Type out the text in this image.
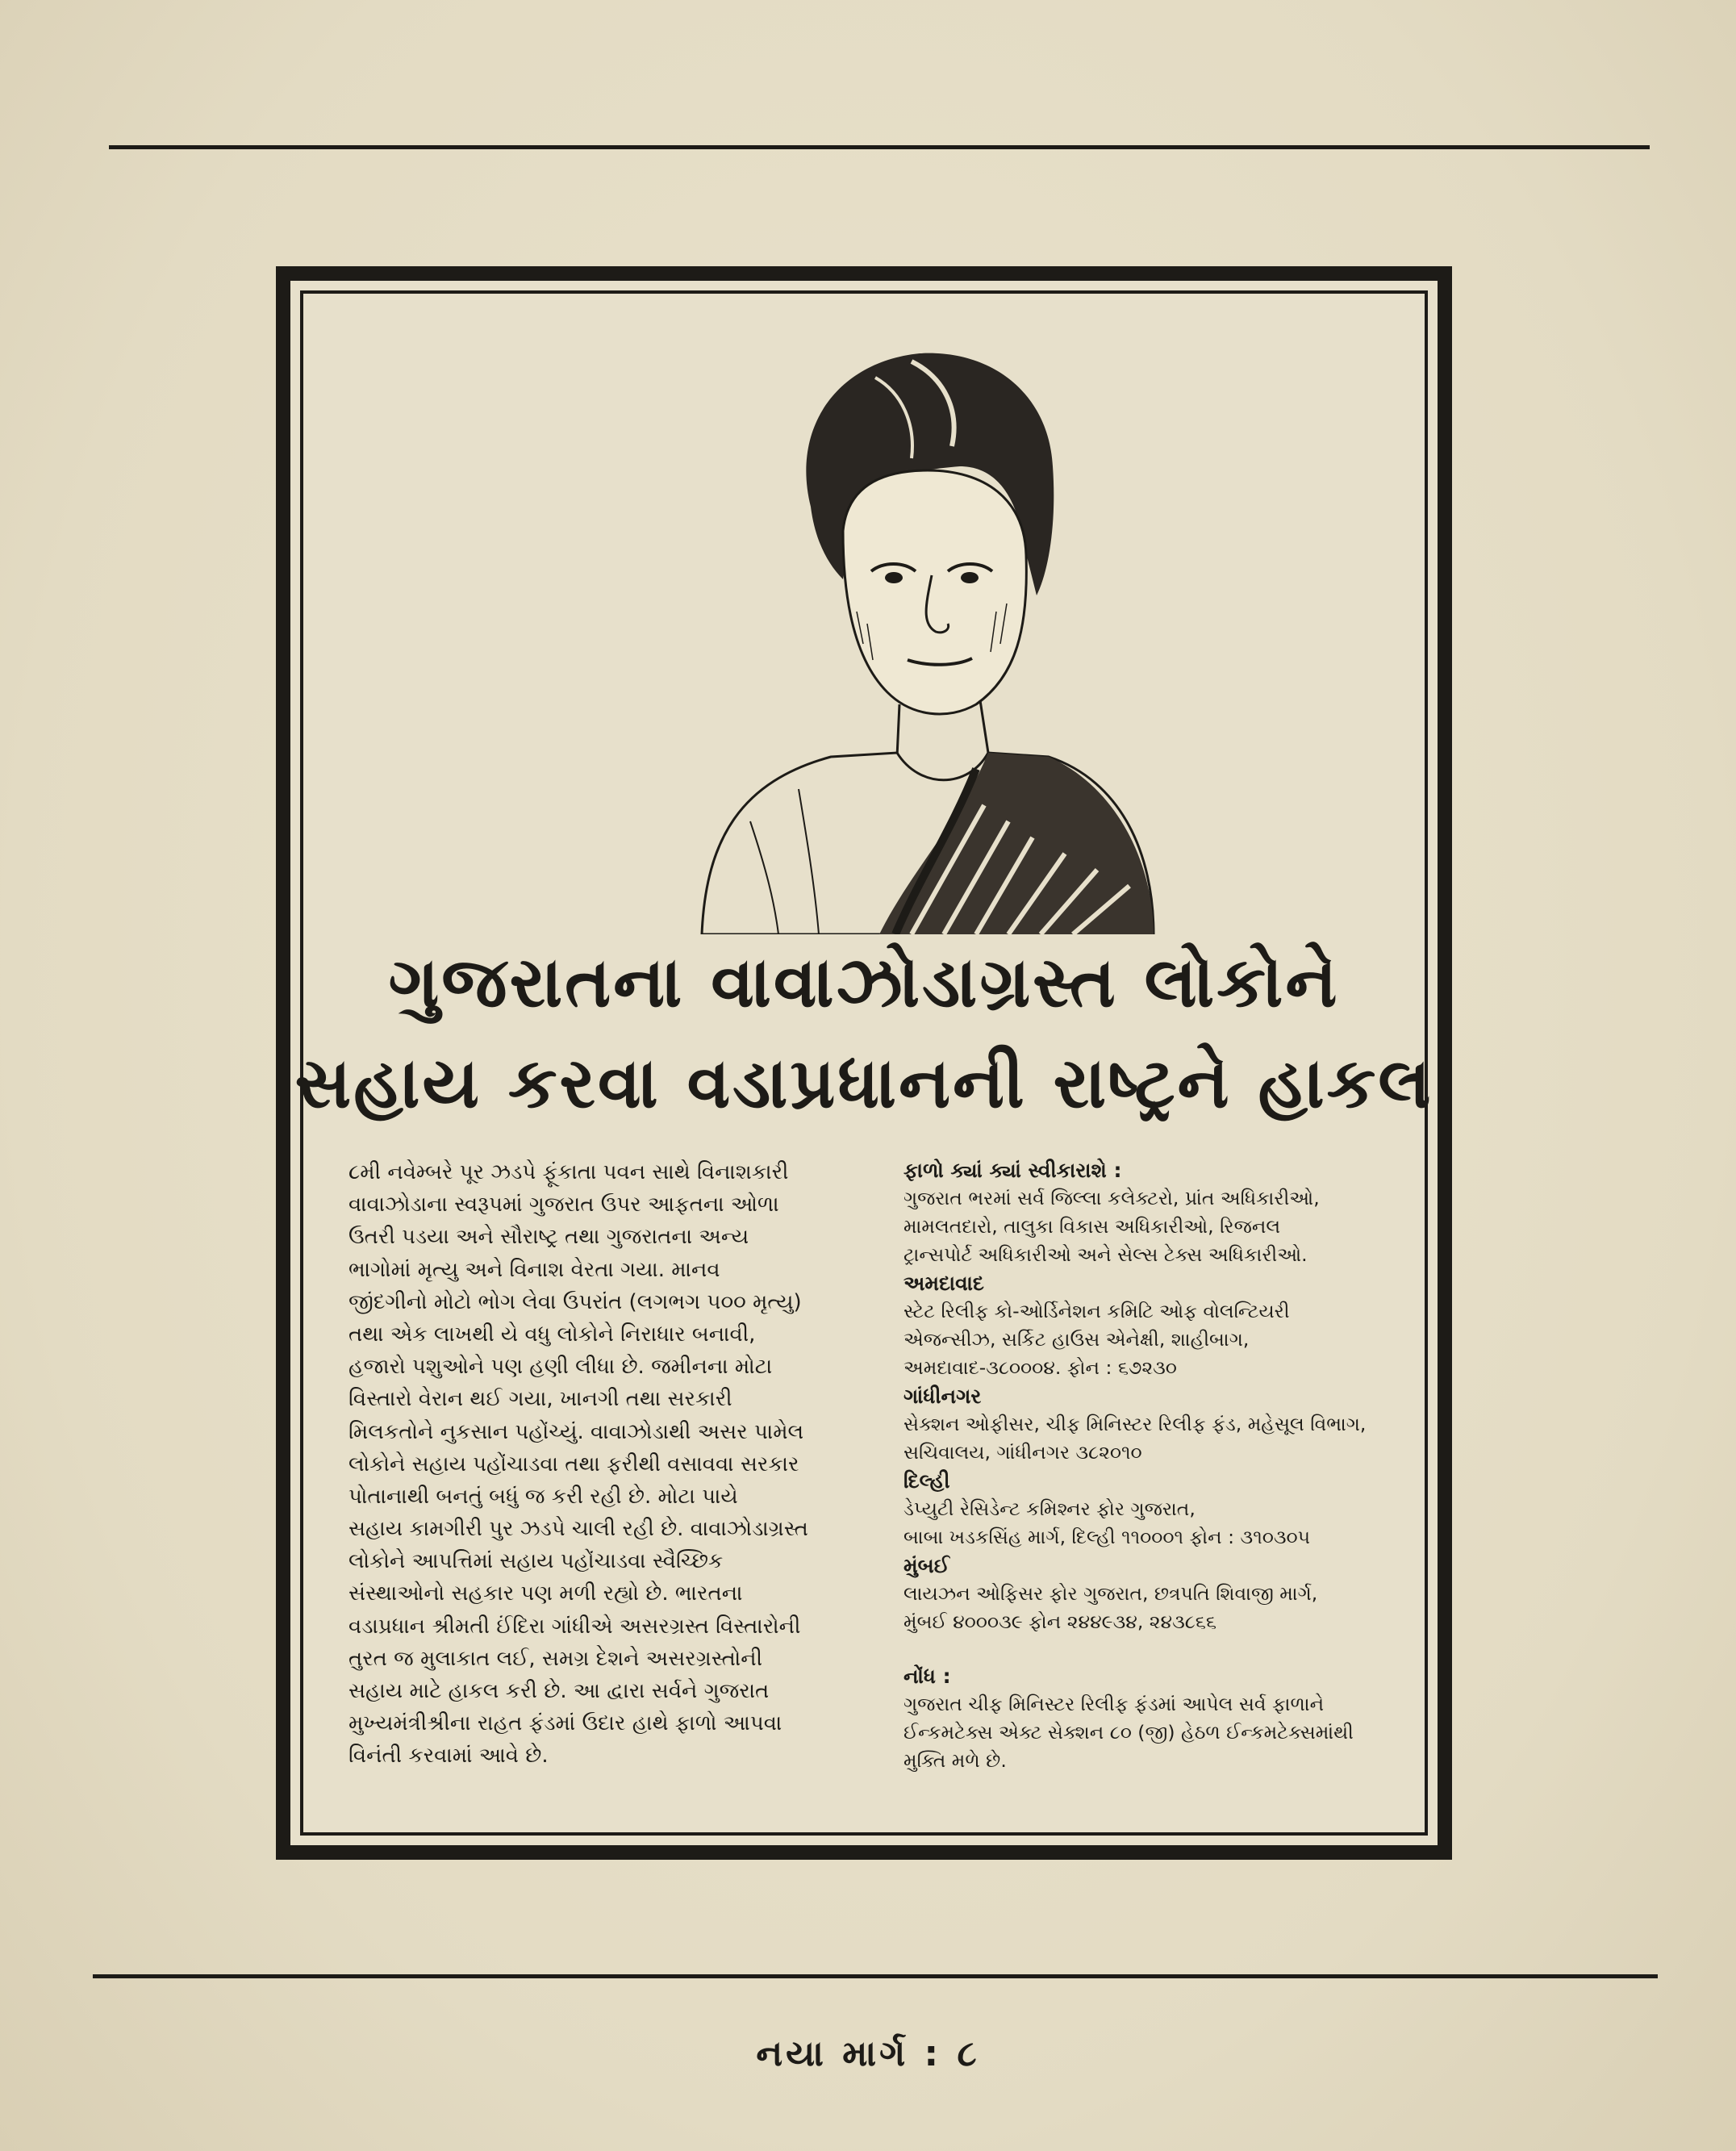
ગુજરાતના વાવાઝોડાગ્રસ્ત લોકોને
સહાય કરવા વડાપ્રધાનની રાષ્ટ્રને હાકલ
૮મી નવેમ્બરે પૂર ઝડપે ફૂંકાતા પવન સાથે વિનાશકારી
વાવાઝોડાના સ્વરૂપમાં ગુજરાત ઉપર આફતના ઓળા
ઉતરી પડયા અને સૌરાષ્ટ્ર તથા ગુજરાતના અન્ય
ભાગોમાં મૃત્યુ અને વિનાશ વેરતા ગયા. માનવ
જીંદગીનો મોટો ભોગ લેવા ઉપરાંત (લગભગ ૫૦૦ મૃત્યુ)
તથા એક લાખથી યે વધુ લોકોને નિરાધાર બનાવી,
હજારો પશુઓને પણ હણી લીધા છે. જમીનના મોટા
વિસ્તારો વેરાન થઈ ગયા, ખાનગી તથા સરકારી
મિલકતોને નુકસાન પહોંચ્યું. વાવાઝોડાથી અસર પામેલ
લોકોને સહાય પહોંચાડવા તથા ફરીથી વસાવવા સરકાર
પોતાનાથી બનતું બધું જ કરી રહી છે. મોટા પાયે
સહાય કામગીરી પુર ઝડપે ચાલી રહી છે. વાવાઝોડાગ્રસ્ત
લોકોને આપત્તિમાં સહાય પહોંચાડવા સ્વૈચ્છિક
સંસ્થાઓનો સહકાર પણ મળી રહ્યો છે. ભારતના
વડાપ્રધાન શ્રીમતી ઈંદિરા ગાંધીએ અસરગ્રસ્ત વિસ્તારોની
તુરત જ મુલાકાત લઈ, સમગ્ર દેશને અસરગ્રસ્તોની
સહાય માટે હાકલ કરી છે. આ દ્વારા સર્વને ગુજરાત
મુખ્યમંત્રીશ્રીના રાહત ફંડમાં ઉદાર હાથે ફાળો આપવા
વિનંતી કરવામાં આવે છે.
ફાળો ક્યાં ક્યાં સ્વીકારાશે :
ગુજરાત ભરમાં સર્વ જિલ્લા કલેક્ટરો, પ્રાંત અધિકારીઓ,
મામલતદારો, તાલુકા વિકાસ અધિકારીઓ, રિજનલ
ટ્રાન્સપોર્ટ અધિકારીઓ અને સેલ્સ ટેક્સ અધિકારીઓ.
અમદાવાદ
સ્ટેટ રિલીફ કો-ઓર્ડિનેશન કમિટિ ઓફ વોલન્ટિયરી
એજન્સીઝ, સર્કિટ હાઉસ એનેક્ષી, શાહીબાગ,
અમદાવાદ-૩૮૦૦૦૪. ફોન : ૬૭૨૩૦
ગાંધીનગર
સેક્શન ઓફીસર, ચીફ મિનિસ્ટર રિલીફ ફંડ, મહેસૂલ વિભાગ,
સચિવાલય, ગાંધીનગર ૩૮૨૦૧૦
દિલ્હી
ડેપ્યુટી રેસિડેન્ટ કમિશ્નર ફોર ગુજરાત,
બાબા ખડકસિંહ માર્ગ, દિલ્હી ૧૧૦૦૦૧ ફોન : ૩૧૦૩૦૫
મુંબઈ
લાયઝન ઓફિસર ફોર ગુજરાત, છત્રપતિ શિવાજી માર્ગ,
મુંબઈ ૪૦૦૦૩૯ ફોન ૨૪૪૯૩૪, ૨૪૩૮૬૬
નોંધ :
ગુજરાત ચીફ મિનિસ્ટર રિલીફ ફંડમાં આપેલ સર્વ ફાળાને
ઈન્કમટેક્સ એક્ટ સેક્શન ૮૦ (જી) હેઠળ ઈન્કમટેક્સમાંથી
મુક્તિ મળે છે.
નયા માર્ગ : ૮
